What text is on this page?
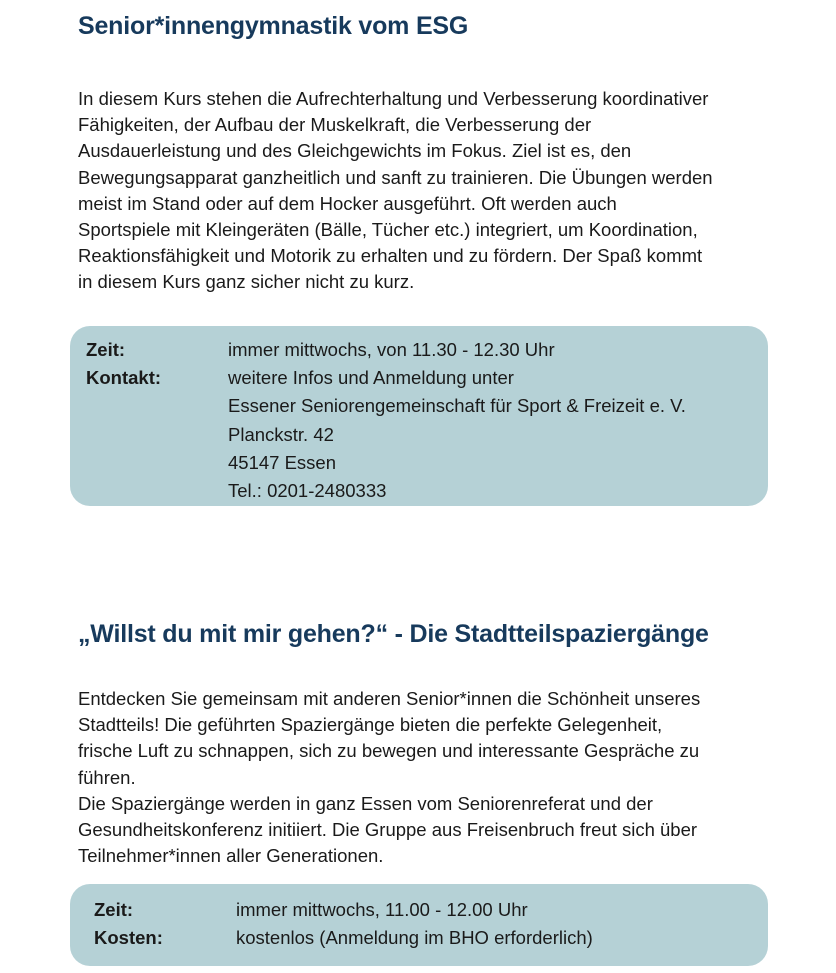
Senior*innengymnastik vom ESG

In diesem Kurs stehen die Aufrechterhaltung und Verbesserung koordinativer

Fähigkeiten, der Aufbau der Muskelkraft, die Verbesserung der

Ausdauerleistung und des Gleichgewichts im Fokus. Ziel ist es, den

Bewegungsapparat ganzheitlich und sanft zu trainieren. Die Übungen werden

meist im Stand oder auf dem Hocker ausgeführt. Oft werden auch

Sportspiele mit Kleingeräten (Bälle, Tücher etc.) integriert, um Koordination,

Reaktionsfähigkeit und Motorik zu erhalten und zu fördern. Der Spaß kommt

in diesem Kurs ganz sicher nicht zu kurz.

Zeit:	immer mittwochs, von 11.30 - 12.30 Uhr
Kontakt:	weitere Infos und Anmeldung unter
Essener Seniorengemeinschaft für Sport & Freizeit e. V.
Planckstr. 42
45147 Essen
Tel.: 0201-2480333
„Willst du mit mir gehen?“ - Die Stadtteilspaziergänge

Entdecken Sie gemeinsam mit anderen Senior*innen die Schönheit unseres

Stadtteils! Die geführten Spaziergänge bieten die perfekte Gelegenheit,

frische Luft zu schnappen, sich zu bewegen und interessante Gespräche zu

führen.

Die Spaziergänge werden in ganz Essen vom Seniorenreferat und der

Gesundheitskonferenz initiiert. Die Gruppe aus Freisenbruch freut sich über

Teilnehmer*innen aller Generationen.

Zeit:	immer mittwochs, 11.00 - 12.00 Uhr
Kosten:	kostenlos (Anmeldung im BHO erforderlich)
